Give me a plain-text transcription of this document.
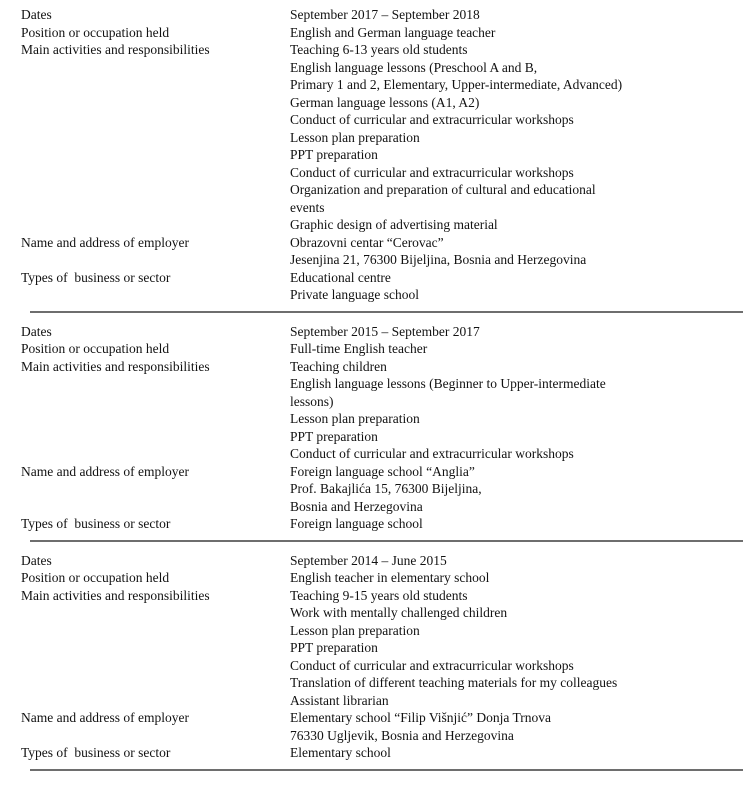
Dates	September 2017 – September 2018
Position or occupation held	English and German language teacher
Main activities and responsibilities	Teaching 6-13 years old students
English language lessons (Preschool A and B,
Primary 1 and 2, Elementary, Upper-intermediate, Advanced)
German language lessons (A1, A2)
Conduct of curricular and extracurricular workshops
Lesson plan preparation
PPT preparation
Conduct of curricular and extracurricular workshops
Organization and preparation of cultural and educational
events
Graphic design of advertising material
Name and address of employer	Obrazovni centar “Cerovac”
Jesenjina 21, 76300 Bijeljina, Bosnia and Herzegovina
Types of  business or sector	Educational centre
Private language school
Dates	September 2015 – September 2017
Position or occupation held	Full-time English teacher
Main activities and responsibilities	Teaching children
English language lessons (Beginner to Upper-intermediate
lessons)
Lesson plan preparation
PPT preparation
Conduct of curricular and extracurricular workshops
Name and address of employer	Foreign language school “Anglia”
Prof. Bakajlića 15, 76300 Bijeljina,
Bosnia and Herzegovina
Types of  business or sector	Foreign language school
Dates	September 2014 – June 2015
Position or occupation held	English teacher in elementary school
Main activities and responsibilities	Teaching 9-15 years old students
Work with mentally challenged children
Lesson plan preparation
PPT preparation
Conduct of curricular and extracurricular workshops
Translation of different teaching materials for my colleagues
Assistant librarian
Name and address of employer	Elementary school “Filip Višnjić” Donja Trnova
76330 Ugljevik, Bosnia and Herzegovina
Types of  business or sector	Elementary school
